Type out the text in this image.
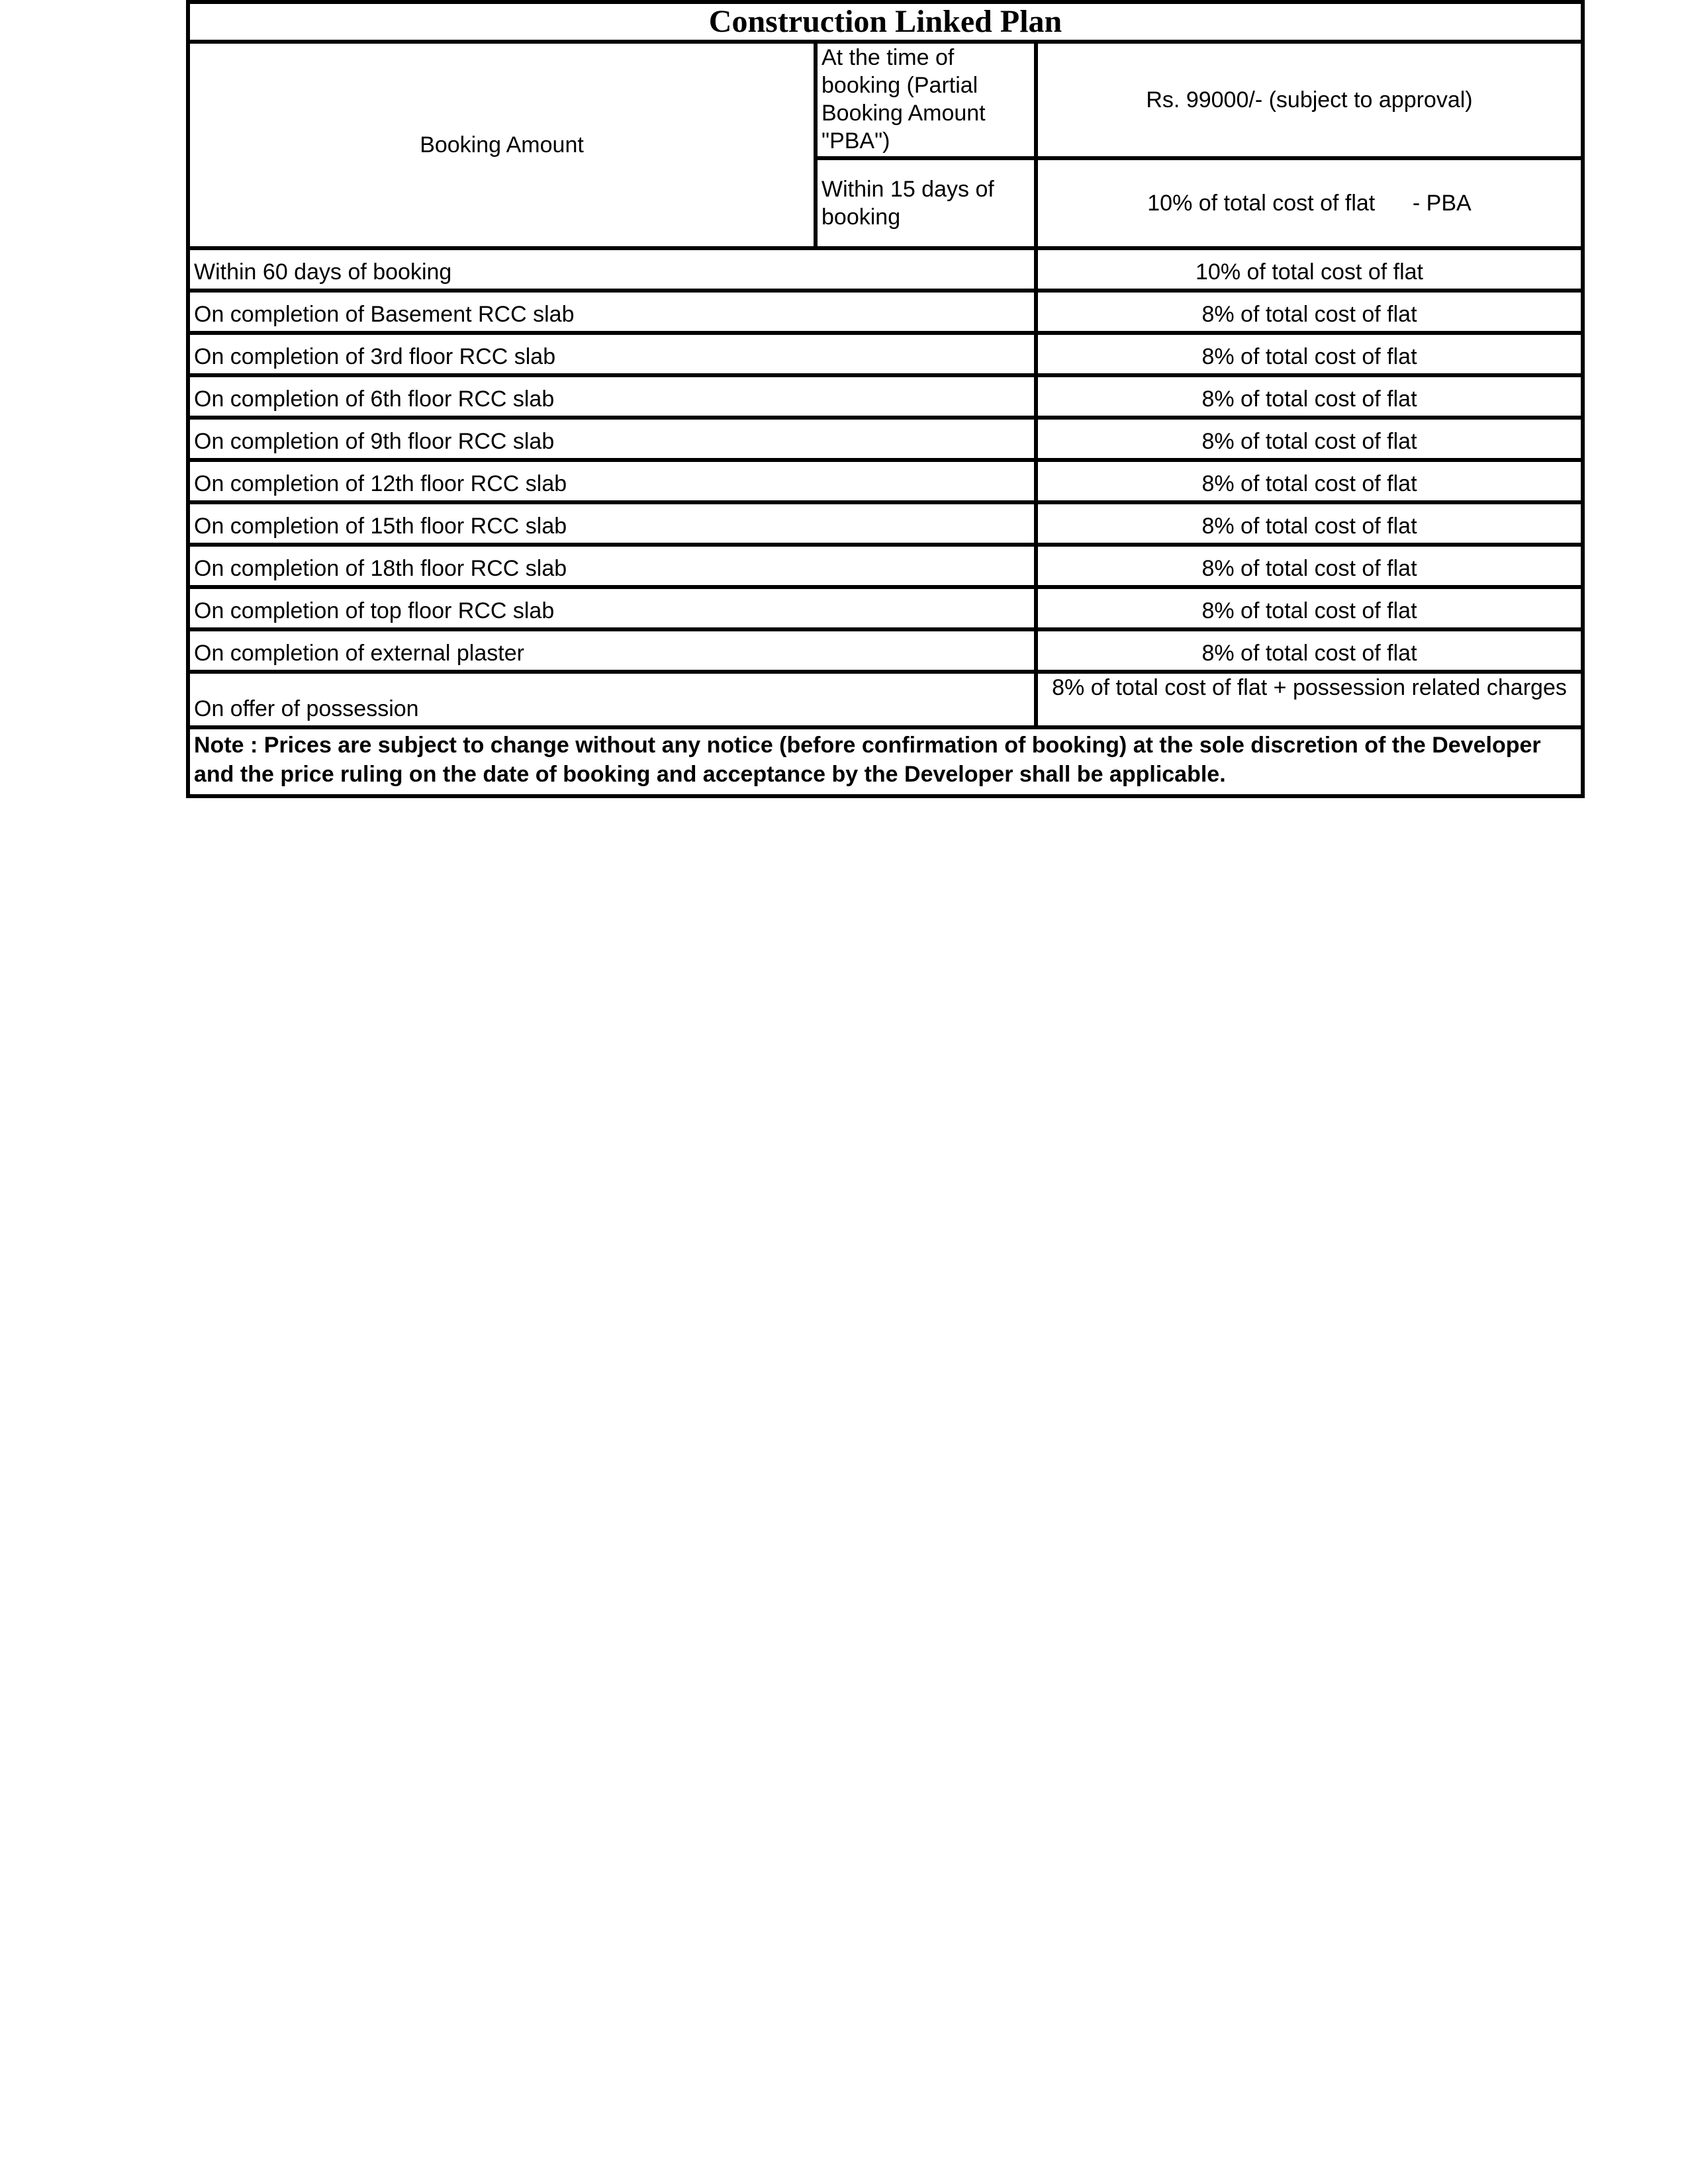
Construction Linked Plan		
Booking Amount	At the time of booking (Partial Booking Amount "PBA")	Rs. 99000/- (subject to approval)
	Within 15 days of booking	10% of total cost of flat      - PBA
Within 60 days of booking		10% of total cost of flat
On completion of Basement RCC slab		8% of total cost of flat
On completion of 3rd floor RCC slab		8% of total cost of flat
On completion of 6th floor RCC slab		8% of total cost of flat
On completion of 9th floor RCC slab		8% of total cost of flat
On completion of 12th floor RCC slab		8% of total cost of flat
On completion of 15th floor RCC slab		8% of total cost of flat
On completion of 18th floor RCC slab		8% of total cost of flat
On completion of top floor RCC slab		8% of total cost of flat
On completion of external plaster		8% of total cost of flat
On offer of possession		8% of total cost of flat + possession related charges
Note : Prices are subject to change without any notice (before confirmation of booking) at the sole discretion of the Developer and the price ruling on the date of booking and acceptance by the Developer shall be applicable.		
